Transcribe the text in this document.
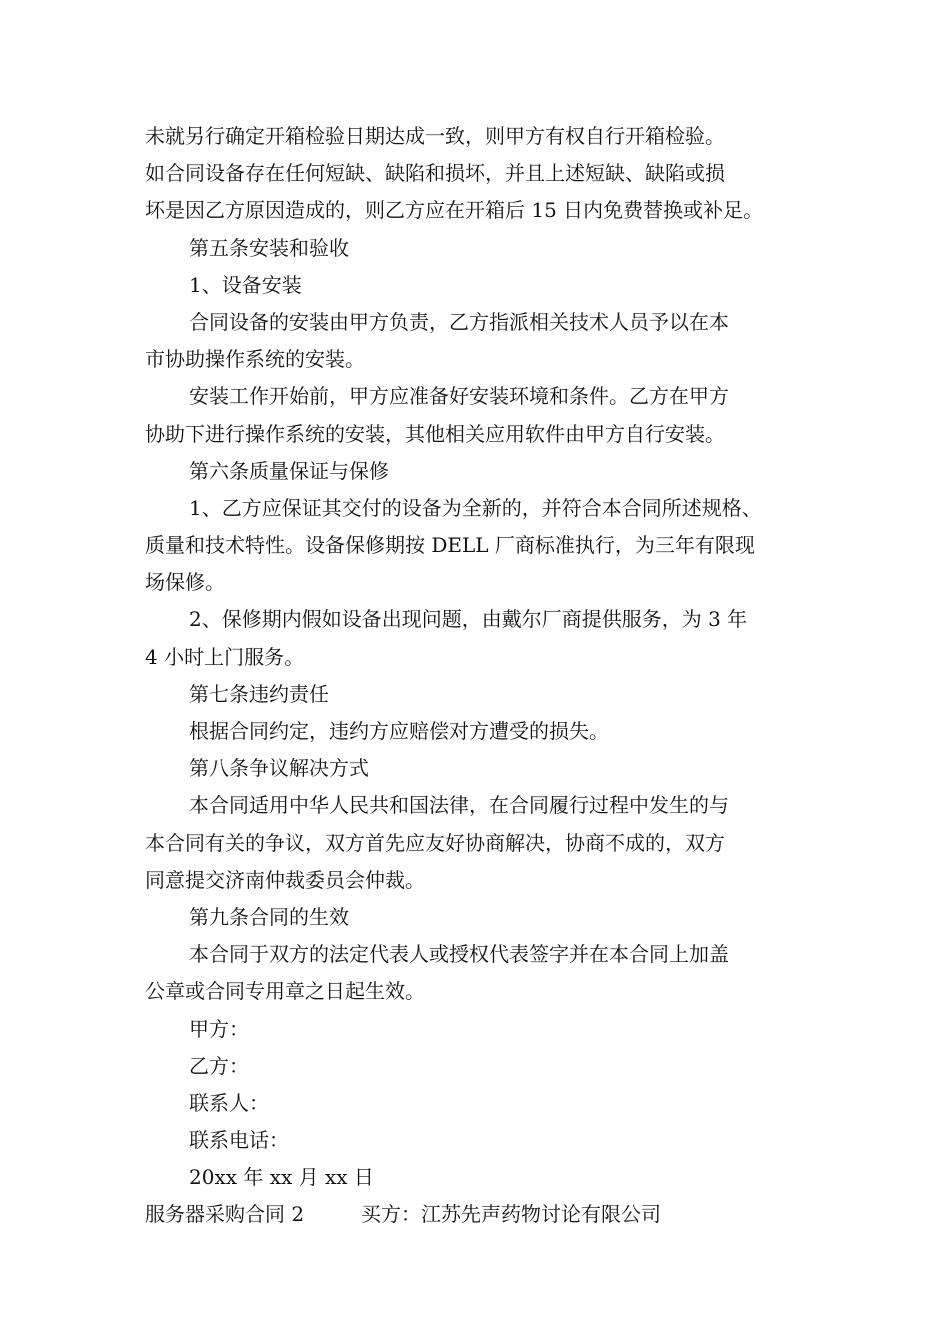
未就另行确定开箱检验日期达成一致，则甲方有权自行开箱检验。
如合同设备存在任何短缺、缺陷和损坏，并且上述短缺、缺陷或损
坏是因乙方原因造成的，则乙方应在开箱后 15 日内免费替换或补足。
第五条安装和验收
1、设备安装
合同设备的安装由甲方负责，乙方指派相关技术人员予以在本
市协助操作系统的安装。
安装工作开始前，甲方应准备好安装环境和条件。乙方在甲方
协助下进行操作系统的安装，其他相关应用软件由甲方自行安装。
第六条质量保证与保修
1、乙方应保证其交付的设备为全新的，并符合本合同所述规格、
质量和技术特性。设备保修期按 DELL 厂商标准执行，为三年有限现
场保修。
2、保修期内假如设备出现问题，由戴尔厂商提供服务，为 3 年
4 小时上门服务。
第七条违约责任
根据合同约定，违约方应赔偿对方遭受的损失。
第八条争议解决方式
本合同适用中华人民共和国法律，在合同履行过程中发生的与
本合同有关的争议，双方首先应友好协商解决，协商不成的，双方
同意提交济南仲裁委员会仲裁。
第九条合同的生效
本合同于双方的法定代表人或授权代表签字并在本合同上加盖
公章或合同专用章之日起生效。
甲方：
乙方：
联系人：
联系电话：
20xx 年 xx 月 xx 日
服务器采购合同 2	买方：江苏先声药物讨论有限公司
